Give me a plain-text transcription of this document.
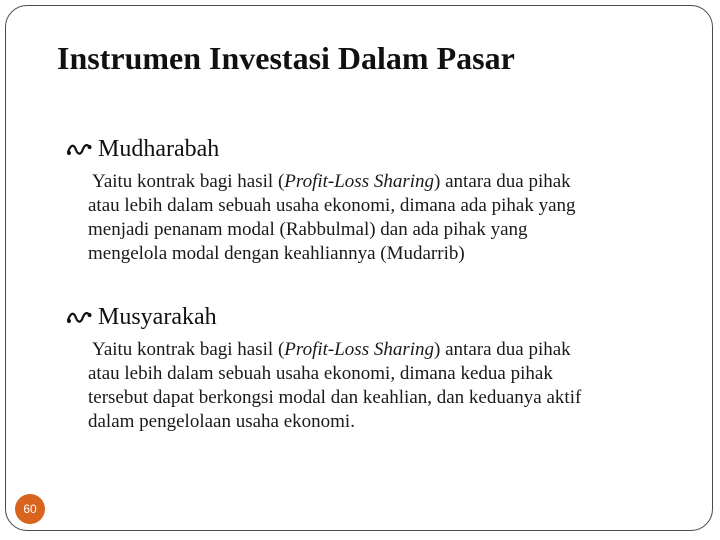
Instrumen Investasi Dalam Pasar
Mudharabah

Yaitu kontrak bagi hasil (Profit-Loss Sharing) antara dua pihak

atau lebih dalam sebuah usaha ekonomi, dimana ada pihak yang

menjadi penanam modal (Rabbulmal) dan ada pihak yang

mengelola modal dengan keahliannya (Mudarrib)

Musyarakah

Yaitu kontrak bagi hasil (Profit-Loss Sharing) antara dua pihak

atau lebih dalam sebuah usaha ekonomi, dimana kedua pihak

tersebut dapat berkongsi modal dan keahlian, dan keduanya aktif

dalam pengelolaan usaha ekonomi.

60
